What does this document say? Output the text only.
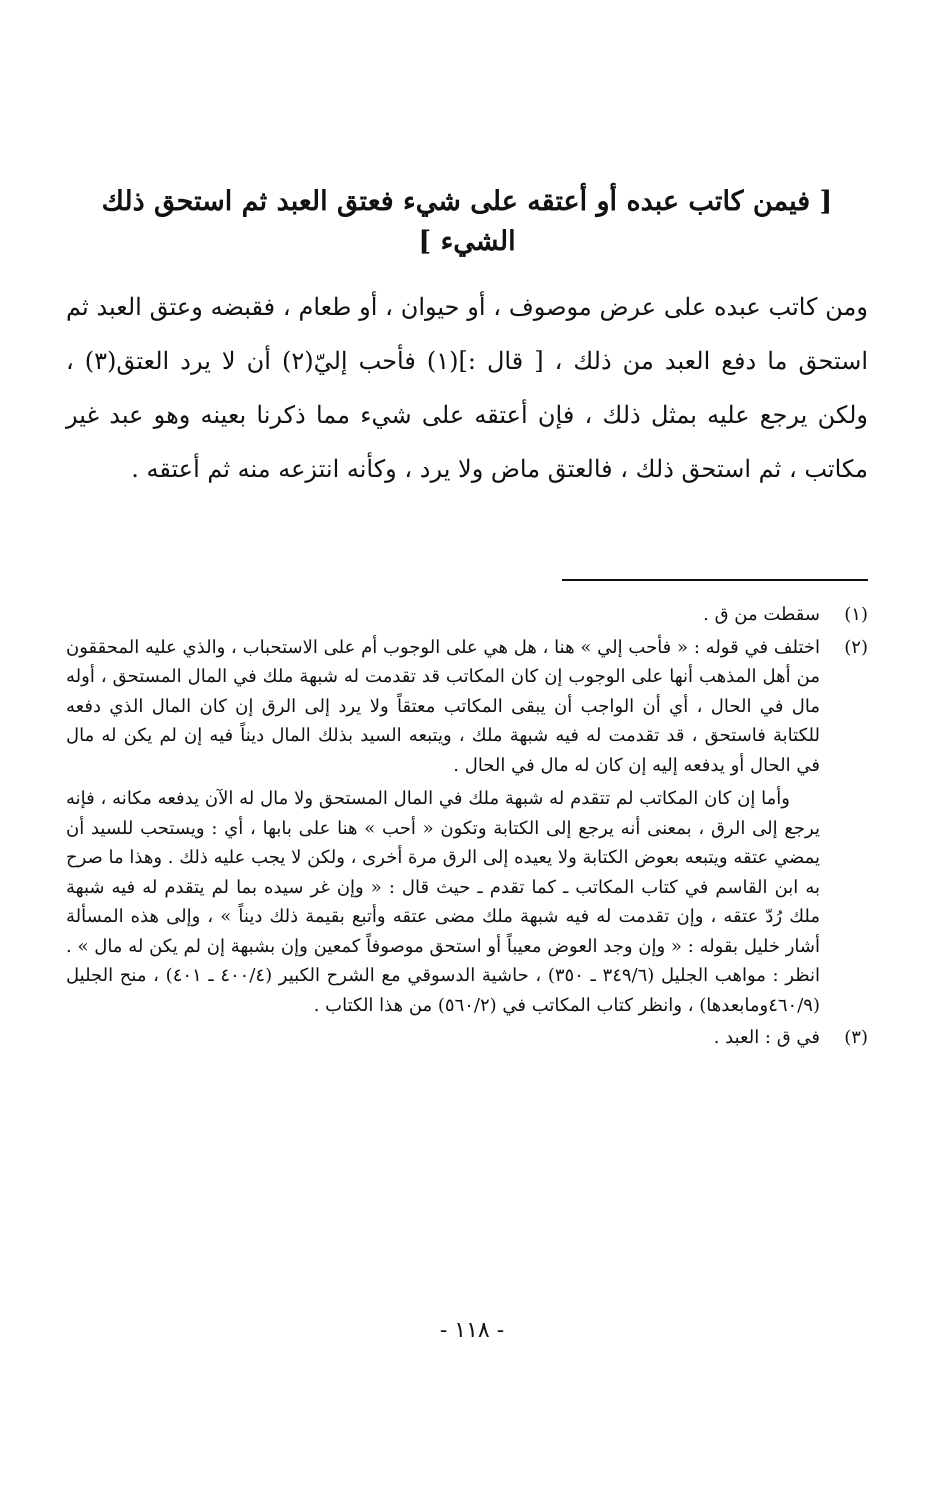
[ فيمن كاتب عبده أو أعتقه على شيء فعتق العبد ثم استحق ذلك الشيء ]

ومن كاتب عبده على عرض موصوف ، أو حيوان ، أو طعام ، فقبضه وعتق العبد ثم استحق ما دفع العبد من ذلك ، [ قال :](١) فأحب إليّ(٢) أن لا يرد العتق(٣) ، ولكن يرجع عليه بمثل ذلك ، فإن أعتقه على شيء مما ذكرنا بعينه وهو عبد غير مكاتب ، ثم استحق ذلك ، فالعتق ماض ولا يرد ، وكأنه انتزعه منه ثم أعتقه .

(١)

سقطت من ق .

(٢)

اختلف في قوله : « فأحب إلي » هنا ، هل هي على الوجوب أم على الاستحباب ، والذي عليه المحققون من أهل المذهب أنها على الوجوب إن كان المكاتب قد تقدمت له شبهة ملك في المال المستحق ، أوله مال في الحال ، أي أن الواجب أن يبقى المكاتب معتقاً ولا يرد إلى الرق إن كان المال الذي دفعه للكتابة فاستحق ، قد تقدمت له فيه شبهة ملك ، ويتبعه السيد بذلك المال ديناً فيه إن لم يكن له مال في الحال أو يدفعه إليه إن كان له مال في الحال .

وأما إن كان المكاتب لم تتقدم له شبهة ملك في المال المستحق ولا مال له الآن يدفعه مكانه ، فإنه يرجع إلى الرق ، بمعنى أنه يرجع إلى الكتابة وتكون « أحب » هنا على بابها ، أي : ويستحب للسيد أن يمضي عتقه ويتبعه بعوض الكتابة ولا يعيده إلى الرق مرة أخرى ، ولكن لا يجب عليه ذلك . وهذا ما صرح به ابن القاسم في كتاب المكاتب ـ كما تقدم ـ حيث قال : « وإن غر سيده بما لم يتقدم له فيه شبهة ملك رُدّ عتقه ، وإن تقدمت له فيه شبهة ملك مضى عتقه وأتبع بقيمة ذلك ديناً » ، وإلى هذه المسألة أشار خليل بقوله : « وإن وجد العوض معيباً أو استحق موصوفاً كمعين وإن بشبهة إن لم يكن له مال » . انظر : مواهب الجليل (٣٤٩/٦ ـ ٣٥٠) ، حاشية الدسوقي مع الشرح الكبير (٤٠٠/٤ ـ ٤٠١) ، منح الجليل (٤٦٠/٩ومابعدها) ، وانظر كتاب المكاتب في (٥٦٠/٢) من هذا الكتاب .

(٣)

في ق : العبد .

- ١١٨ -
